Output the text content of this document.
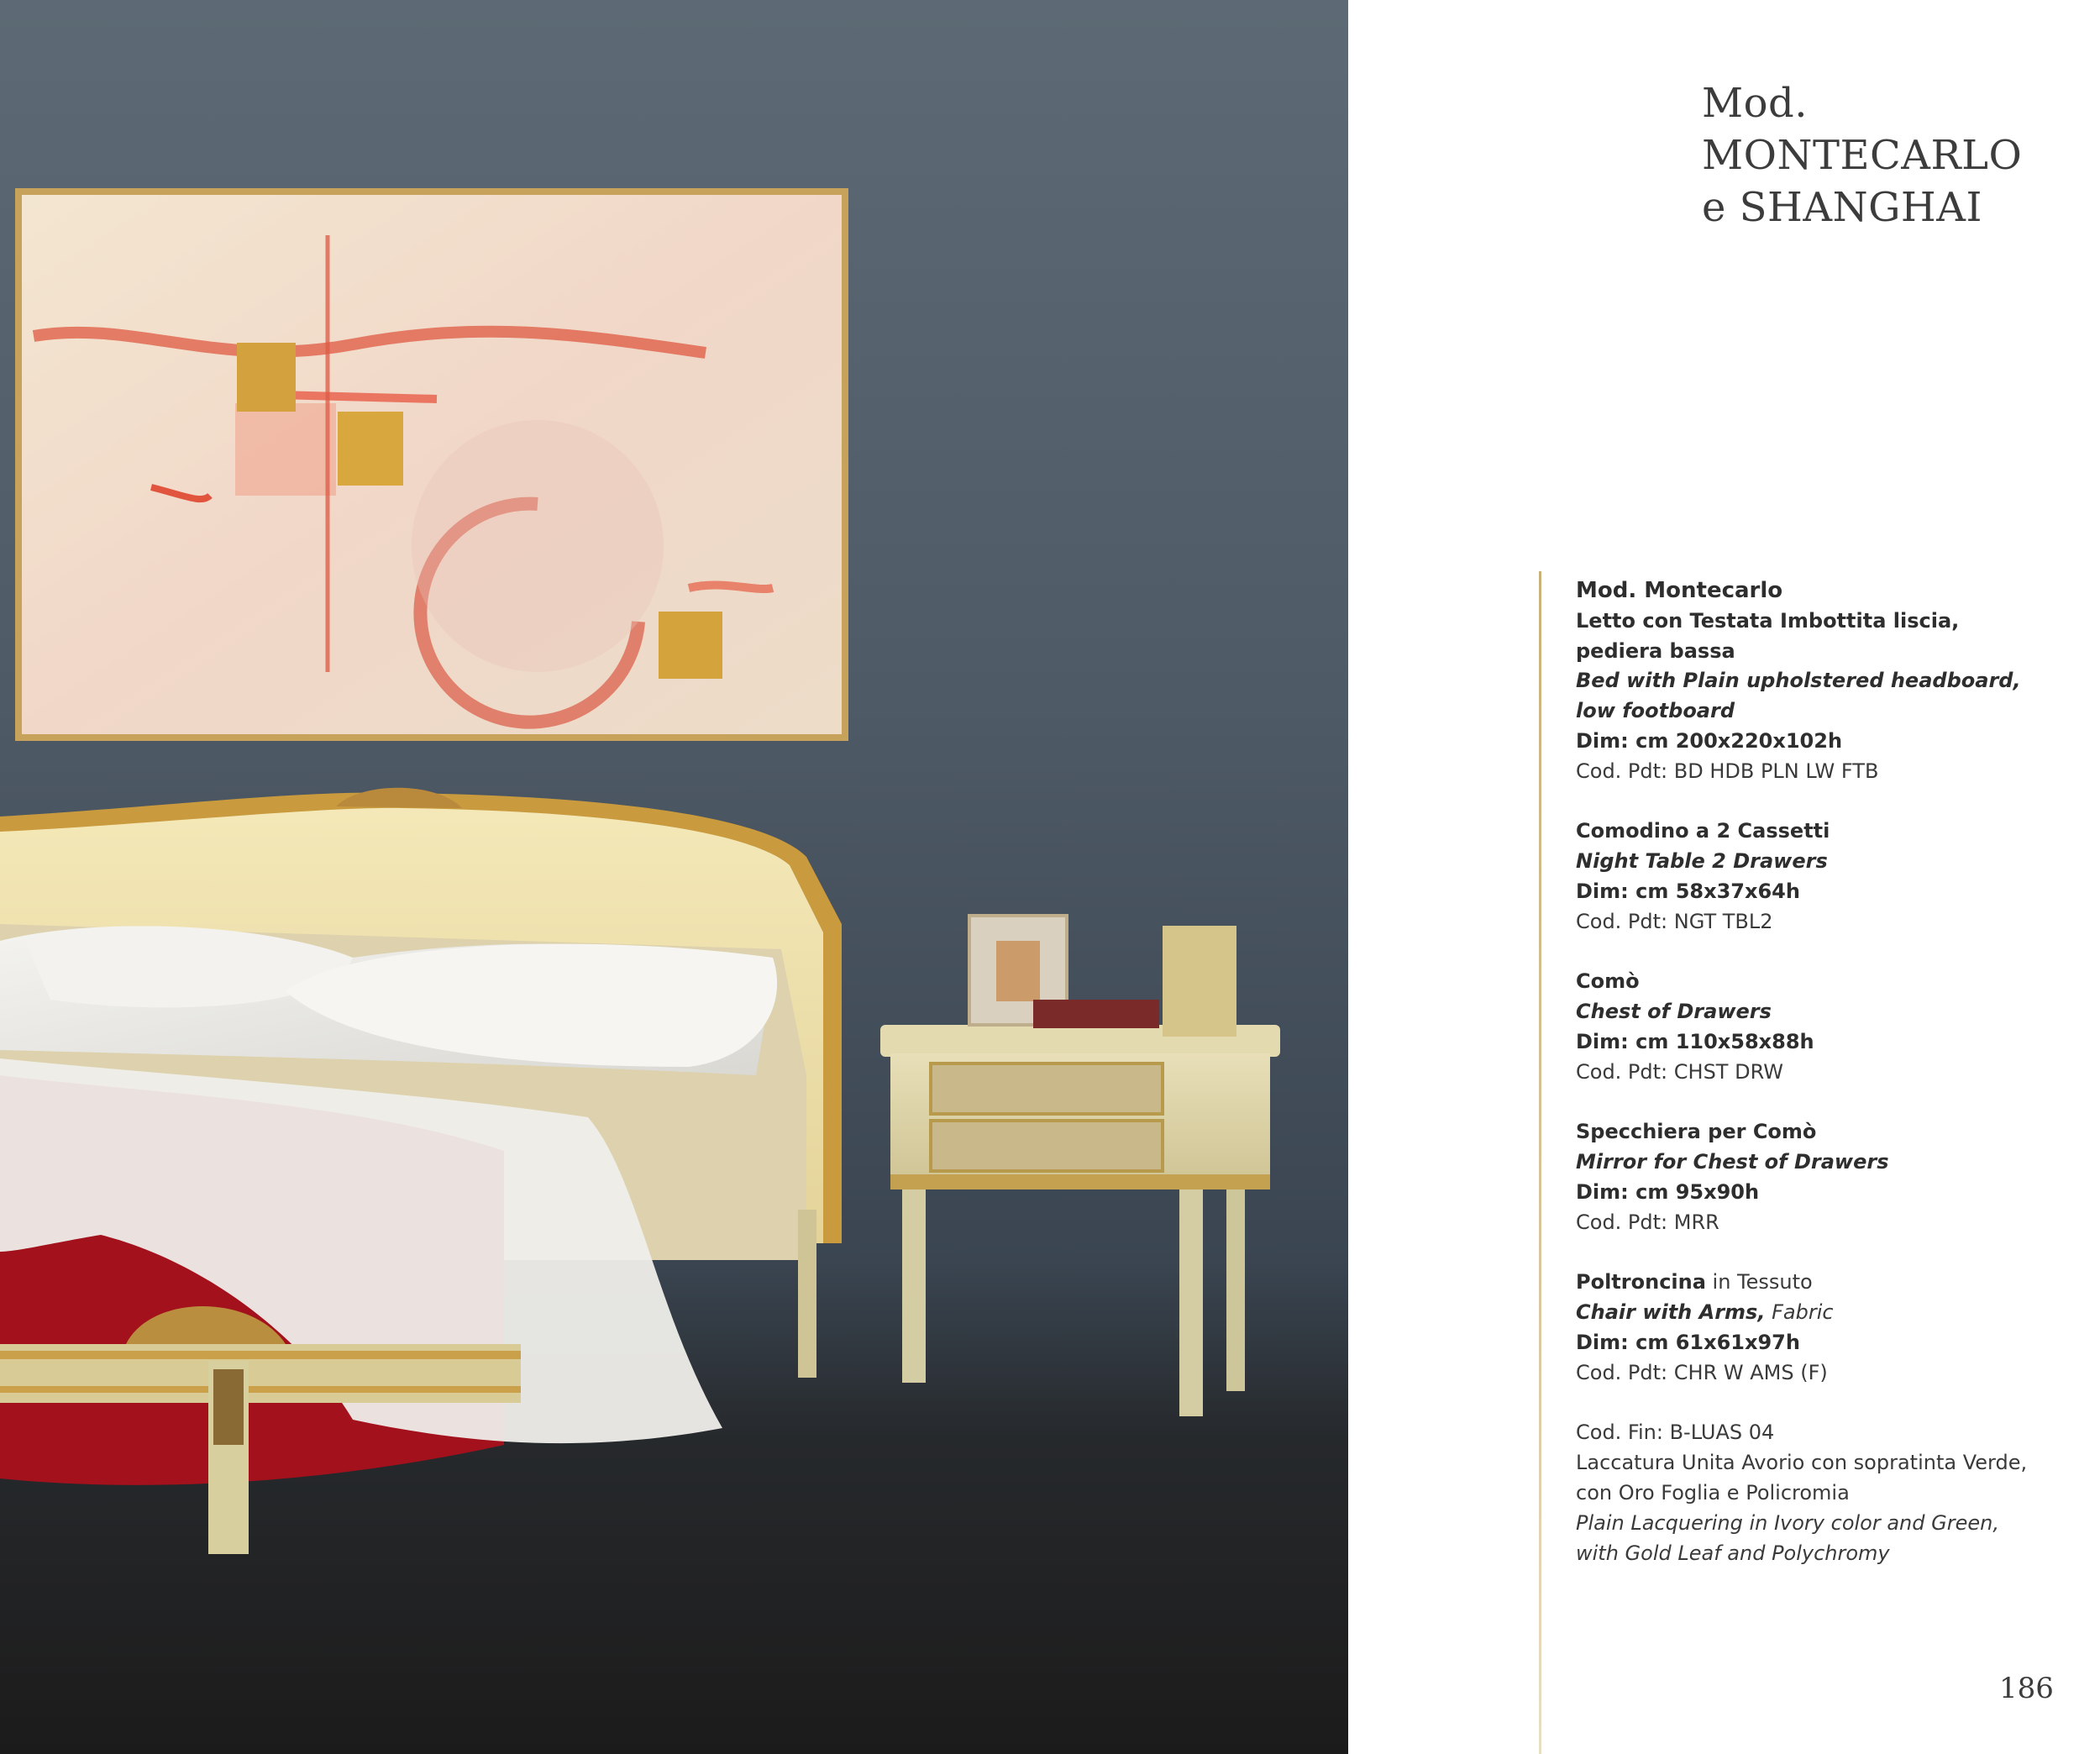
Mod.
MONTECARLO
e SHANGHAI
Mod. Montecarlo
Letto con Testata Imbottita liscia,
pediera bassa
Bed with Plain upholstered headboard,
low footboard
Dim: cm 200x220x102h
Cod. Pdt: BD HDB PLN LW FTB
Comodino a 2 Cassetti
Night Table 2 Drawers
Dim: cm 58x37x64h
Cod. Pdt: NGT TBL2
Comò
Chest of Drawers
Dim: cm 110x58x88h
Cod. Pdt: CHST DRW
Specchiera per Comò
Mirror for Chest of Drawers
Dim: cm 95x90h
Cod. Pdt: MRR
Poltroncina in Tessuto
Chair with Arms, Fabric
Dim: cm 61x61x97h
Cod. Pdt: CHR W AMS (F)
Cod. Fin: B-LUAS 04
Laccatura Unita Avorio con sopratinta Verde,
con Oro Foglia e Policromia
Plain Lacquering in Ivory color and Green,
with Gold Leaf and Polychromy
186
